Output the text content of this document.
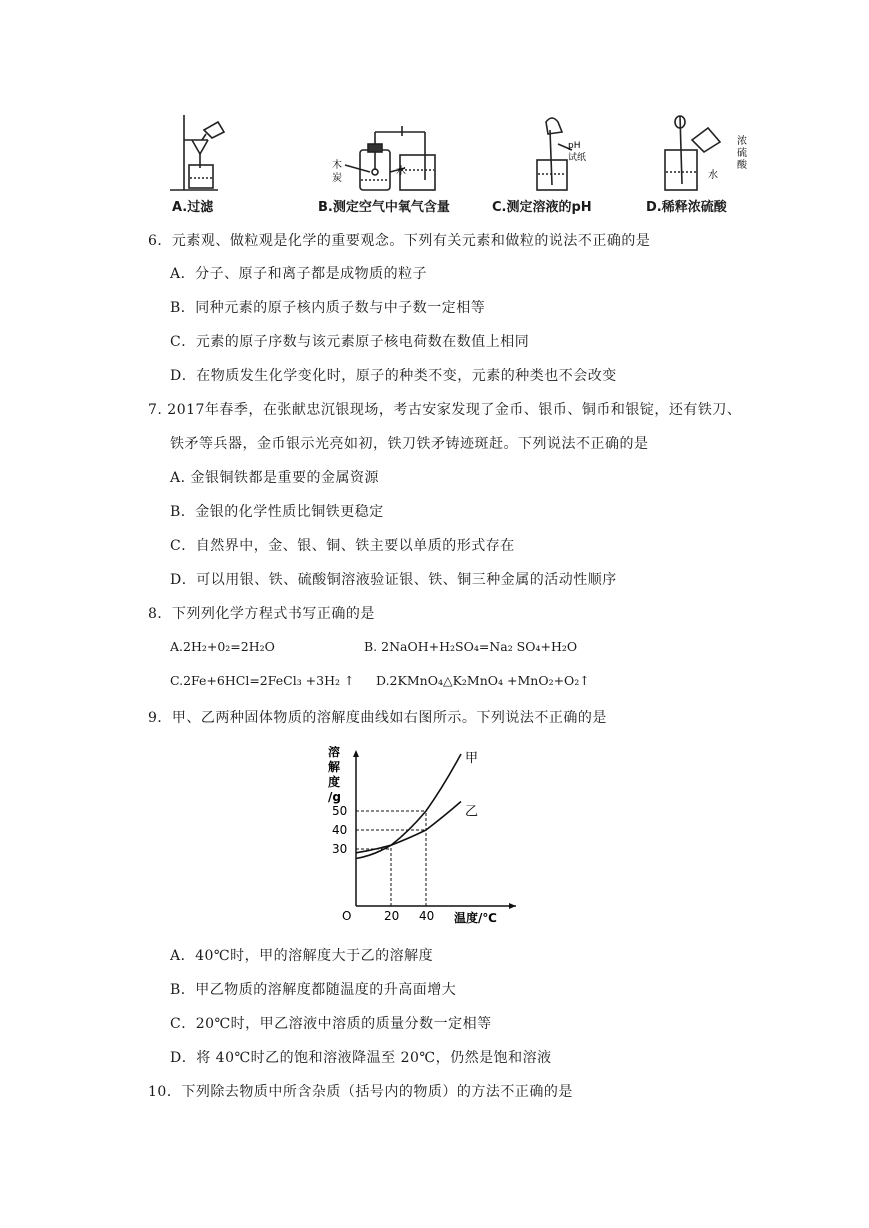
木
炭
水
pH
试纸
浓
硫
酸
水
A.过滤	B.测定空气中氧气含量	C.测定溶液的pH	D.稀释浓硫酸
6．元素观、做粒观是化学的重要观念。下列有关元素和做粒的说法不正确的是
A．分子、原子和离子都是成物质的粒子
B．同种元素的原子核内质子数与中子数一定相等
C．元素的原子序数与该元素原子核电荷数在数值上相同
D．在物质发生化学变化时，原子的种类不变，元素的种类也不会改变
7. 2017年春季，在张献忠沉银现场，考古安家发现了金币、银币、铜币和银锭，还有铁刀、
铁矛等兵器，金币银示光亮如初，铁刀铁矛铸迹斑赶。下列说法不正确的是
A. 金银铜铁都是重要的金属资源
B．金银的化学性质比铜铁更稳定
C．自然界中，金、银、铜、铁主要以单质的形式存在
D．可以用银、铁、硫酸铜溶液验证银、铁、铜三种金属的活动性顺序
8．下列列化学方程式书写正确的是
A.2H₂+0₂=2H₂O	B. 2NaOH+H₂SO₄=Na₂ SO₄+H₂O
C.2Fe+6HCl=2FeCl₃ +3H₂ ↑ D.2KMnO₄△K₂MnO₄ +MnO₂+O₂↑
9．甲、乙两种固体物质的溶解度曲线如右图所示。下列说法不正确的是
O
30
40
50
20 40
甲
乙
溶
解
度
/g
温度/℃
A．40℃时，甲的溶解度大于乙的溶解度
B．甲乙物质的溶解度都随温度的升高面增大
C．20℃时，甲乙溶液中溶质的质量分数一定相等
D．将 40℃时乙的饱和溶液降温至 20℃，仍然是饱和溶液
10．下列除去物质中所含杂质（括号内的物质）的方法不正确的是
